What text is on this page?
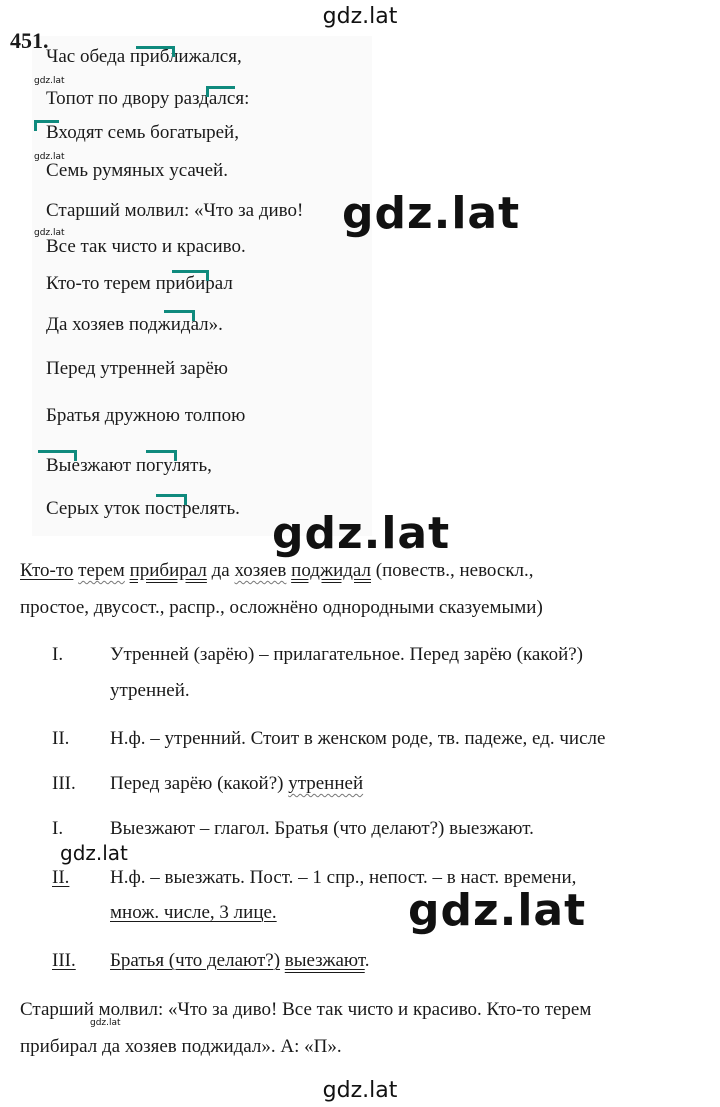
gdz.lat
451.
Час обеда приближался,
Топот по двору раздался:
Входят семь богатырей,
Семь румяных усачей.
Старший молвил: «Что за диво!
Все так чисто и красиво.
Кто-то терем прибирал
Да хозяев поджидал».
Перед утренней зарёю
Братья дружною толпою
Выезжают погулять,
Серых уток пострелять.
gdz.lat
gdz.lat
gdz.lat
gdz.lat
gdz.lat
gdz.lat
gdz.lat
gdz.lat
Кто-то терем прибирал да хозяев поджидал (повеств., невоскл.,
простое, двусост., распр., осложнёно однородными сказуемыми)
I. Утренней (зарёю) – прилагательное. Перед зарёю (какой?)
утренней.
II. Н.ф. – утренний. Стоит в женском роде, тв. падеже, ед. числе
III. Перед зарёю (какой?) утренней
I. Выезжают – глагол. Братья (что делают?) выезжают.
II. Н.ф. – выезжать. Пост. – 1 спр., непост. – в наст. времени,
множ. числе, 3 лице.
III. Братья (что делают?) выезжают.
Старший молвил: «Что за диво! Все так чисто и красиво. Кто-то терем
прибирал да хозяев поджидал». А: «П».
gdz.lat
